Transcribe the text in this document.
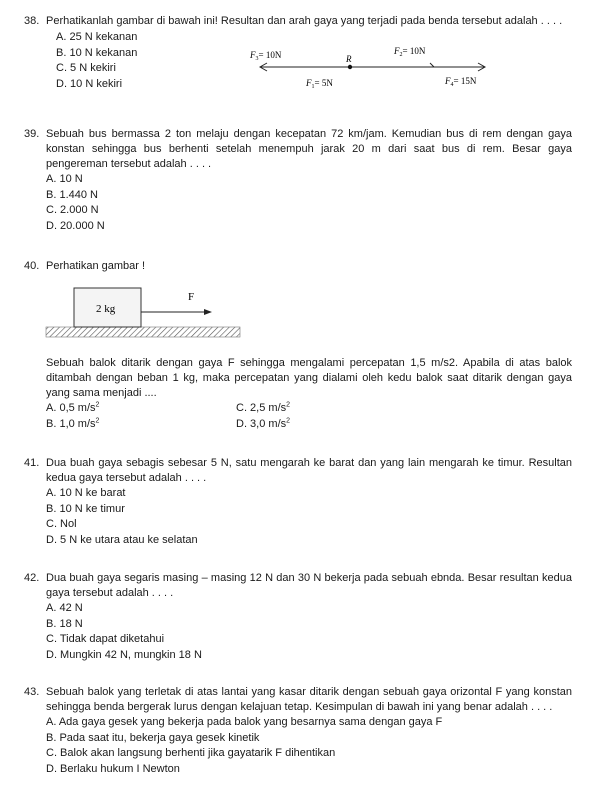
38. Perhatikanlah gambar di bawah ini! Resultan dan arah gaya yang terjadi pada benda tersebut adalah . . . .
A. 25 N kekanan
B. 10 N kekanan
C. 5 N kekiri
D. 10 N kekiri
R
$F_3= 10N$	$F_2= 10N$
$F_1= 5N$	$F_4= 15N$
39. Sebuah bus bermassa 2 ton melaju dengan kecepatan 72 km/jam. Kemudian bus di rem dengan gaya konstan sehingga bus berhenti setelah menempuh jarak 20 m dari saat bus di rem. Besar gaya pengereman tersebut adalah . . . .
A. 10 N
B. 1.440 N
C. 2.000 N
D. 20.000 N
40. Perhatikan gambar !
2 kg
F
Sebuah balok ditarik dengan gaya F sehingga mengalami percepatan 1,5 m/s2. Apabila di atas balok ditambah dengan beban 1 kg, maka percepatan yang dialami oleh kedu balok saat ditarik dengan gaya yang sama menjadi ....
A. 0,5 $m/s^2$	C. 2,5 $m/s^2$
B. 1,0 $m/s^2$	D. 3,0 $m/s^2$
41. Dua buah gaya sebagis sebesar 5 N, satu mengarah ke barat dan yang lain mengarah ke timur. Resultan kedua gaya tersebut adalah . . . .
A. 10 N ke barat
B. 10 N ke timur
C. Nol
D. 5 N ke utara atau ke selatan
42. Dua buah gaya segaris masing – masing 12 N dan 30 N bekerja pada sebuah ebnda. Besar resultan kedua gaya tersebut adalah . . . .
A. 42 N
B. 18 N
C. Tidak dapat diketahui
D. Mungkin 42 N, mungkin 18 N
43. Sebuah balok yang terletak di atas lantai yang kasar ditarik dengan sebuah gaya orizontal F yang konstan sehingga benda bergerak lurus dengan kelajuan tetap. Kesimpulan di bawah ini yang benar adalah . . . .
A. Ada gaya gesek yang bekerja pada balok yang besarnya sama dengan gaya F
B. Pada saat itu, bekerja gaya gesek kinetik
C. Balok akan langsung berhenti jika gayatarik F dihentikan
D. Berlaku hukum I Newton
